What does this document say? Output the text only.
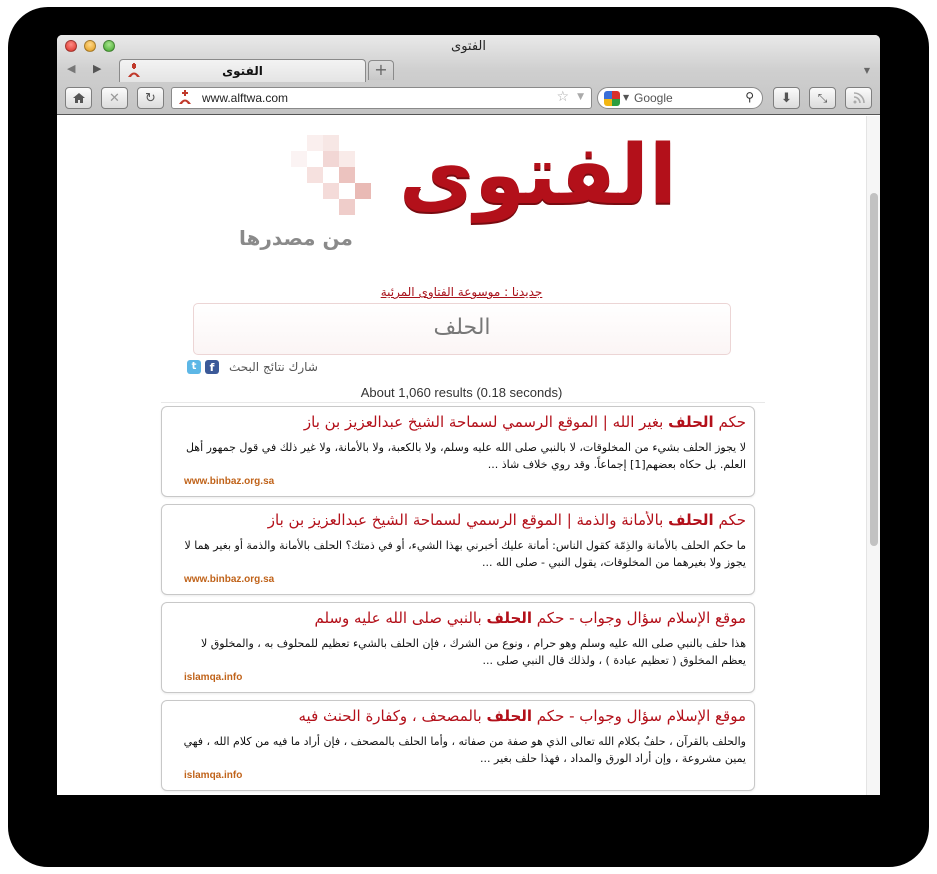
الفتوى
◀ ▶	الفتوى	+	▼
✕ ↻	www.alftwa.com	☆ ▼	▼ Google	⚲ ⬇ ⤡
الفتوى
من مصدرها
جديدنا : موسوعة الفتاوى المرئية
الحلف
t	f	شارك نتائج البحث
About 1,060 results (0.18 seconds)
حكم الحلف بغير الله | الموقع الرسمي لسماحة الشيخ عبدالعزيز بن باز
لا يجوز الحلف بشيء من المخلوقات، لا بالنبي صلى الله عليه وسلم، ولا بالكعبة، ولا بالأمانة، ولا غير ذلك في قول جمهور أهل العلم. بل حكاه بعضهم[1] إجماعاً. وقد روي خلاف شاذ ...
www.binbaz.org.sa
حكم الحلف بالأمانة والذمة | الموقع الرسمي لسماحة الشيخ عبدالعزيز بن باز
ما حكم الحلف بالأمانة والذِمّة كقول الناس: أمانة عليك أخبرني بهذا الشيء، أو في ذمتك؟ الحلف بالأمانة والذمة أو بغير هما لا يجوز ولا بغيرهما من المخلوقات، يقول النبي - صلى الله ...
www.binbaz.org.sa
موقع الإسلام سؤال وجواب - حكم الحلف بالنبي صلى الله عليه وسلم
هذا حلف بالنبي صلى الله عليه وسلم وهو حرام ، ونوع من الشرك ، فإن الحلف بالشيء تعظيم للمحلوف به ، والمخلوق لا يعظم المخلوق ( تعظيم عبادة ) ، ولذلك قال النبي صلى ...
islamqa.info
موقع الإسلام سؤال وجواب - حكم الحلف بالمصحف ، وكفارة الحنث فيه
والحلف بالقرآن ، حلفٌ بكلام الله تعالى الذي هو صفة من صفاته ، وأما الحلف بالمصحف ، فإن أراد ما فيه من كلام الله ، فهي يمين مشروعة ، وإن أراد الورق والمداد ، فهذا حلف بغير ...
islamqa.info
